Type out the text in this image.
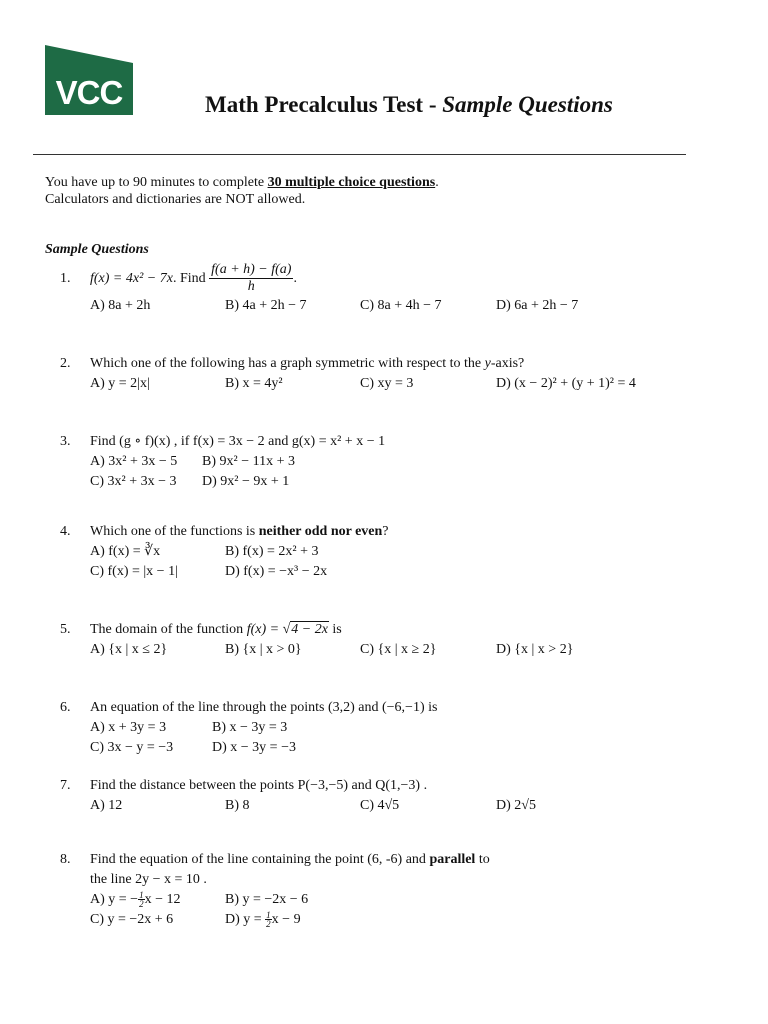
VCC	Math Precalculus Test - Sample Questions
You have up to 90 minutes to complete 30 multiple choice questions.
Calculators and dictionaries are NOT allowed.
Sample Questions
1. f(x) = 4x² − 7x. Find $\frac{f(a + h) - f(a)}{h}$ .
A) 8a + 2h	B) 4a + 2h − 7	C) 8a + 4h − 7	D) 6a + 2h − 7
2. Which one of the following has a graph symmetric with respect to the y-axis?
A) y = 2|x|	B) x = 4y²	C) xy = 3	D) (x − 2)² + (y + 1)² = 4
3. Find (g ∘ f)(x) , if f(x) = 3x − 2 and g(x) = x² + x − 1
A) 3x² + 3x − 5 B) 9x² − 11x + 3
C) 3x² + 3x − 3 D) 9x² − 9x + 1
4. Which one of the functions is neither odd nor even?
A) f(x) = ∛x	B) f(x) = 2x² + 3
C) f(x) = |x − 1|	D) f(x) = −x³ − 2x
5. The domain of the function f(x) = √4 − 2x is
A) {x | x ≤ 2}	B) {x | x > 0}	C) {x | x ≥ 2}	D) {x | x > 2}
6. An equation of the line through the points (3,2) and (−6,−1) is
A) x + 3y = 3	B) x − 3y = 3
C) 3x − y = −3	D) x − 3y = −3
7. Find the distance between the points P(−3,−5) and Q(1,−3) .
A) 12	B) 8	C) 4√5	D) 2√5
8. Find the equation of the line containing the point (6, -6) and parallel to
the line 2y − x = 10 .
A) y = − $\frac{1}{2}$ x − 12	B) y = −2x − 6
C) y = −2x + 6	D) $y = \frac{1}{2}$ x − 9
